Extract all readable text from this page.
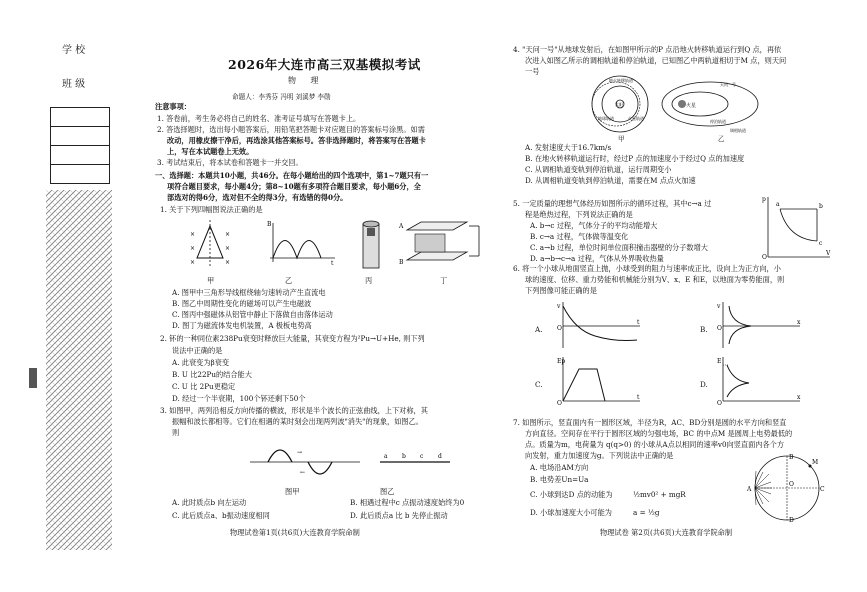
学 校
班 级
2026年大连市高三双基模拟考试
物 理
命题人：李秀芬 冯明 刘溪梦 李勋
注意事项：
1. 答卷前，考生务必将自己的姓名、准考证号填写在答题卡上。
2. 答选择题时，选出每小题答案后，用铅笔把答题卡对应题目的答案标号涂黑。如需
改动，用橡皮擦干净后，再选涂其他答案标号。答非选择题时，将答案写在答题卡
上，写在本试题卷上无效。
3. 考试结束后，将本试卷和答题卡一并交回。
一、选择题：本题共10小题，共46分。在每小题给出的四个选项中，第1~7题只有一
项符合题目要求，每小题4分；第8~10题有多项符合题目要求，每小题6分，全
部选对的得6分，选对但不全的得3分，有选错的得0分。
1. 关于下列四幅图说法正确的是
×	×
×	×
×	×
B
t
A
B
甲	乙	丙	丁
A. 图甲中三角形导线框绕轴匀速转动产生直流电
B. 图乙中周期性变化的磁场可以产生电磁波
C. 图丙中强磁体从铝管中静止下落做自由落体运动
D. 图丁为磁流体发电机装置，A 极板电势高
2. 钚的一种同位素238Pu衰变时释放巨大能量，其衰变方程为²Pu→U+He, 则下列
说法中正确的是
A. 此衰变为β衰变
B. U 比22Pu的结合能大
C. U 比 2Pu更稳定
D. 经过一个半衰期，100个钚还剩下50个
3. 如图甲，两列沿相反方向传播的横波，形状是半个波长的正弦曲线，上下对称，其
振幅和波长都相等。它们在相遇的某时刻会出现两列波"消失"的现象，如图乙。
则
→
←
a b c d
图甲	图乙
A. 此时质点b 向左运动	B. 相遇过程中c 点振动速度始终为0
C. 此后质点a、b振动速度相同	D. 此后质点a 比 b 先停止振动
物理试卷第1页(共6页)大连教育学院命制
4. "天问一号"从地球发射后，在如图甲所示的P 点沿地火转移轨道运行到Q 点，再依
次进入如图乙所示的调相轨道和停泊轨道，已知图乙中两轨道相切于M 点，则天问
一号
地火转移轨道
太阳
地球轨道	火星轨道
火星
天问一号
停泊轨道
调相轨道
甲	乙
A. 发射速度大于16.7km/s
B. 在地火转移轨道运行时，经过P 点的加速度小于经过Q 点的加速度
C. 从调相轨道变轨到停泊轨道，运行周期变小
D. 从调相轨道变轨到停泊轨道，需要在M 点点火加速
5. 一定质量的理想气体经历如图所示的循环过程，其中c→a 过
程是绝热过程，下列说法正确的是
A. b→c 过程，气体分子的平均动能增大
B. c→a 过程，气体做等温变化
C. a→b 过程，单位时间单位面积撞击器壁的分子数增大
D. a→b→c→a 过程，气体从外界吸收热量
p
a	b
c
V
O
6. 将一个小球从地面竖直上抛，小球受到的阻力与速率成正比，设向上为正方向，小
球的速度、位移、重力势能和机械能分别为V、x、E 和E，以地面为零势能面，则
下列图像可能正确的是
A.
v
t
O	B.
v
x
O
C.
Ep
t
O
D.
E
x
O
7. 如图所示，竖直面内有一圆形区域，半径为R，AC、BD分别是圆的水平方向和竖直
方向直径。空间存在平行于圆形区域的匀强电场，BC 的中点M 是圆周上电势最低的
点。质量为m，电荷量为 q(q>0) 的小球从A点以相同的速率v0向竖直面内各个方
向发射，重力加速度为g。下列说法中正确的是
A. 电场沿AM方向
B. 电势差Un=Ua
C. 小球到达D 点的动能为	½mv0² + mgR
D. 小球加速度大小可能为	a = ½g
A
B
C
D
M
O
物理试卷 第2页(共6页)大连教育学院命制
